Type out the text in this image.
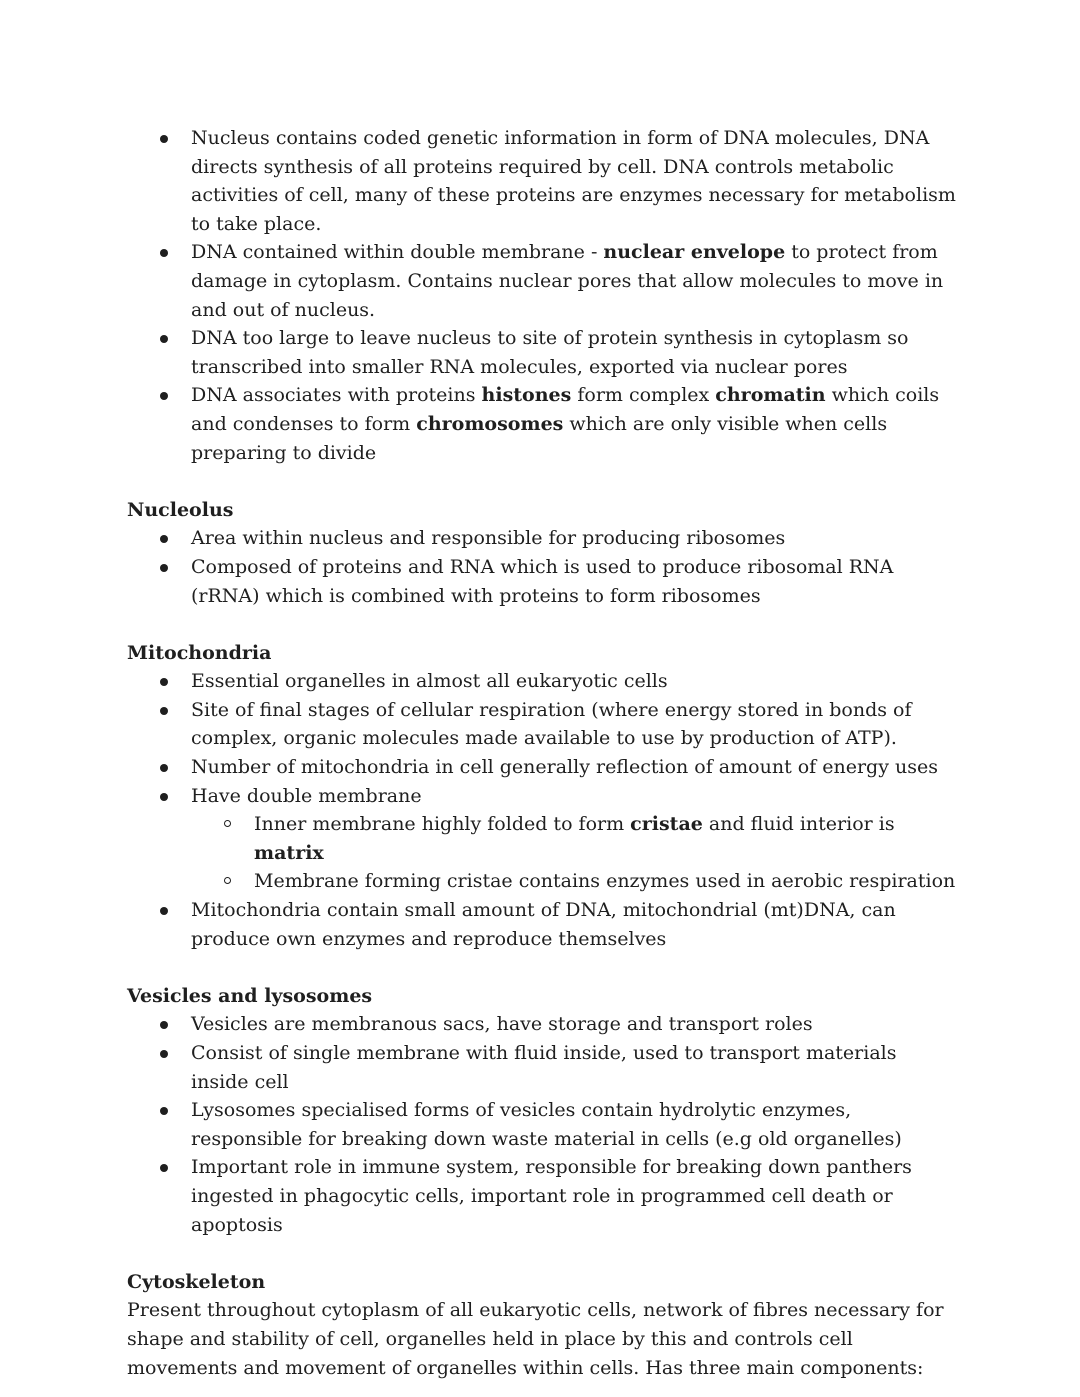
Nucleus contains coded genetic information in form of DNA molecules, DNA directs synthesis of all proteins required by cell. DNA controls metabolic activities of cell, many of these proteins are enzymes necessary for metabolism to take place.
DNA contained within double membrane - nuclear envelope to protect from damage in cytoplasm. Contains nuclear pores that allow molecules to move in and out of nucleus.
DNA too large to leave nucleus to site of protein synthesis in cytoplasm so transcribed into smaller RNA molecules, exported via nuclear pores
DNA associates with proteins histones form complex chromatin which coils and condenses to form chromosomes which are only visible when cells preparing to divide
Nucleolus
Area within nucleus and responsible for producing ribosomes
Composed of proteins and RNA which is used to produce ribosomal RNA (rRNA) which is combined with proteins to form ribosomes
Mitochondria
Essential organelles in almost all eukaryotic cells
Site of final stages of cellular respiration (where energy stored in bonds of complex, organic molecules made available to use by production of ATP).
Number of mitochondria in cell generally reflection of amount of energy uses
Have double membrane
Inner membrane highly folded to form cristae and fluid interior is matrix
Membrane forming cristae contains enzymes used in aerobic respiration
Mitochondria contain small amount of DNA, mitochondrial (mt)DNA, can produce own enzymes and reproduce themselves
Vesicles and lysosomes
Vesicles are membranous sacs, have storage and transport roles
Consist of single membrane with fluid inside, used to transport materials inside cell
Lysosomes specialised forms of vesicles contain hydrolytic enzymes, responsible for breaking down waste material in cells (e.g old organelles)
Important role in immune system, responsible for breaking down panthers ingested in phagocytic cells, important role in programmed cell death or apoptosis
Cytoskeleton
Present throughout cytoplasm of all eukaryotic cells, network of fibres necessary for shape and stability of cell, organelles held in place by this and controls cell movements and movement of organelles within cells. Has three main components:
